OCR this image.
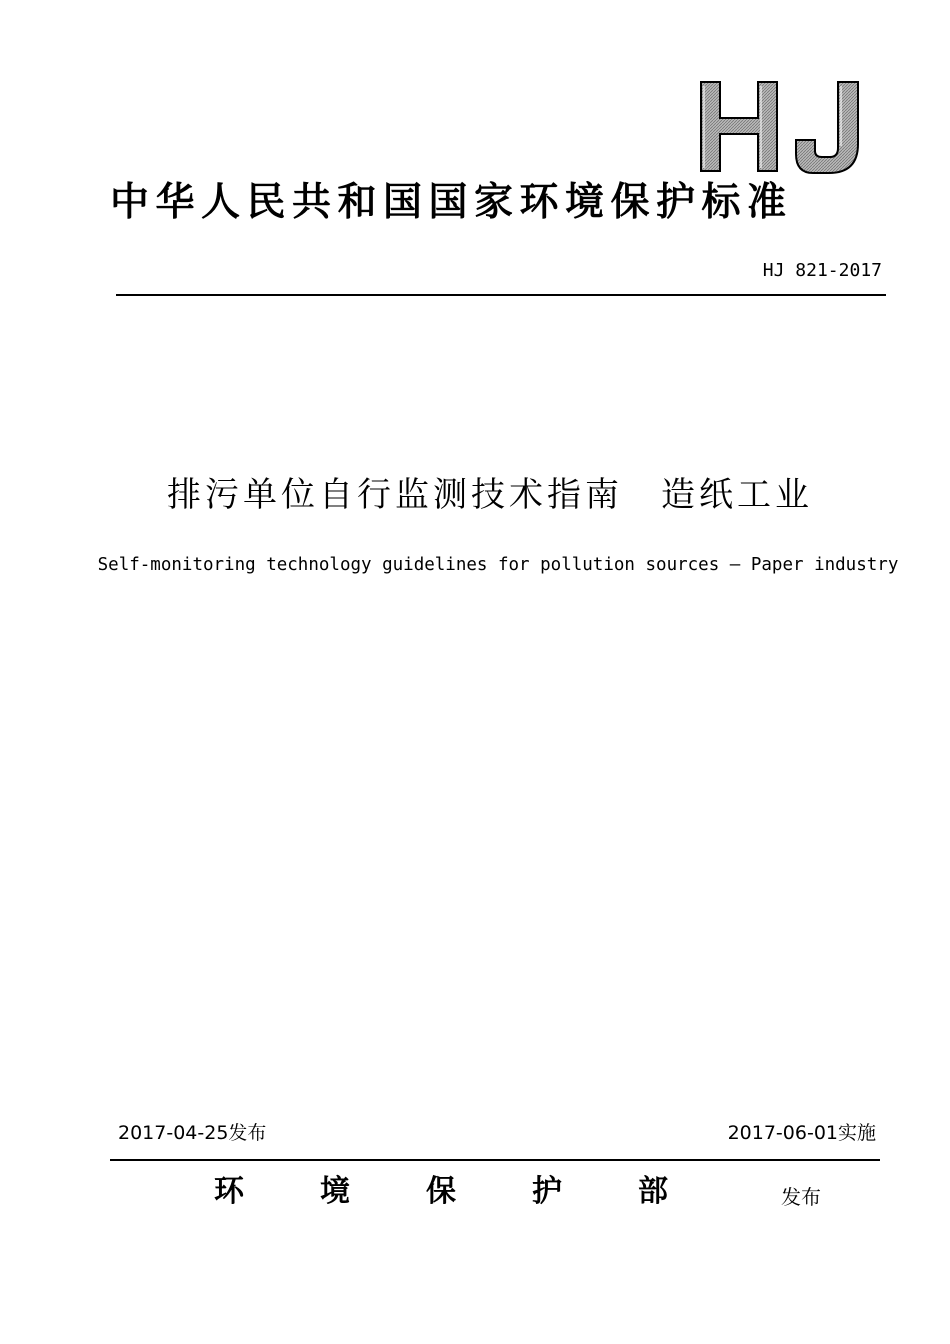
中华人民共和国国家环境保护标准
HJ 821-2017
排污单位自行监测技术指南　造纸工业
Self-monitoring technology guidelines for pollution sources — Paper industry
2017-04-25发布	2017-06-01实施
环境保护部 发布
